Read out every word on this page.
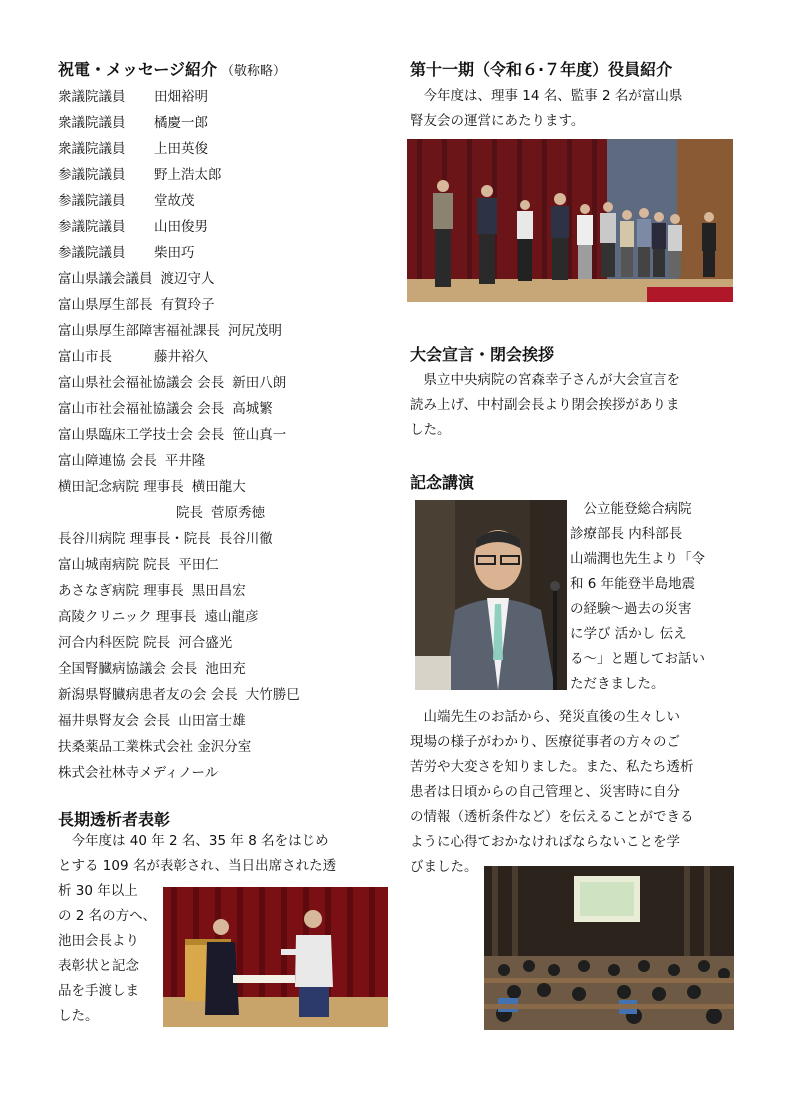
祝電・メッセージ紹介 （敬称略）
衆議院議員 田畑裕明
衆議院議員 橘慶一郎
衆議院議員 上田英俊
参議院議員 野上浩太郎
参議院議員 堂故茂
参議院議員 山田俊男
参議院議員 柴田巧
富山県議会議員 渡辺守人
富山県厚生部長 有賀玲子
富山県厚生部障害福祉課長 河尻茂明
富山市長	藤井裕久
富山県社会福祉協議会 会長 新田八朗
富山市社会福祉協議会 会長 高城繁
富山県臨床工学技士会 会長 笹山真一
富山障連協 会長 平井隆
横田記念病院 理事長 横田龍大
院長 菅原秀徳
長谷川病院 理事長・院長 長谷川徹
富山城南病院 院長 平田仁
あさなぎ病院 理事長 黒田昌宏
高陵クリニック 理事長 遠山龍彦
河合内科医院 院長 河合盛光
全国腎臓病協議会 会長 池田充
新潟県腎臓病患者友の会 会長 大竹勝巳
福井県腎友会 会長 山田富士雄
扶桑薬品工業株式会社 金沢分室
株式会社林寺メディノール
長期透析者表彰
　今年度は 40 年 2 名、35 年 8 名をはじめ
とする 109 名が表彰され、当日出席された透
析 30 年以上
の 2 名の方へ、
池田会長より
表彰状と記念
品を手渡しま
した。
第十一期（令和６·７年度）役員紹介
　今年度は、理事 14 名、監事 2 名が富山県
腎友会の運営にあたります。
大会宣言・閉会挨拶
　県立中央病院の宮森幸子さんが大会宣言を
読み上げ、中村副会長より閉会挨拶がありま
した。
記念講演
　公立能登総合病院
診療部長 内科部長
山端潤也先生より「令
和 6 年能登半島地震
の経験～過去の災害
に学び 活かし 伝え
る～」と題してお話い
ただきました。
　山端先生のお話から、発災直後の生々しい
現場の様子がわかり、医療従事者の方々のご
苦労や大変さを知りました。また、私たち透析
患者は日頃からの自己管理と、災害時に自分
の情報（透析条件など）を伝えることができる
ように心得ておかなければならないことを学
びました。
